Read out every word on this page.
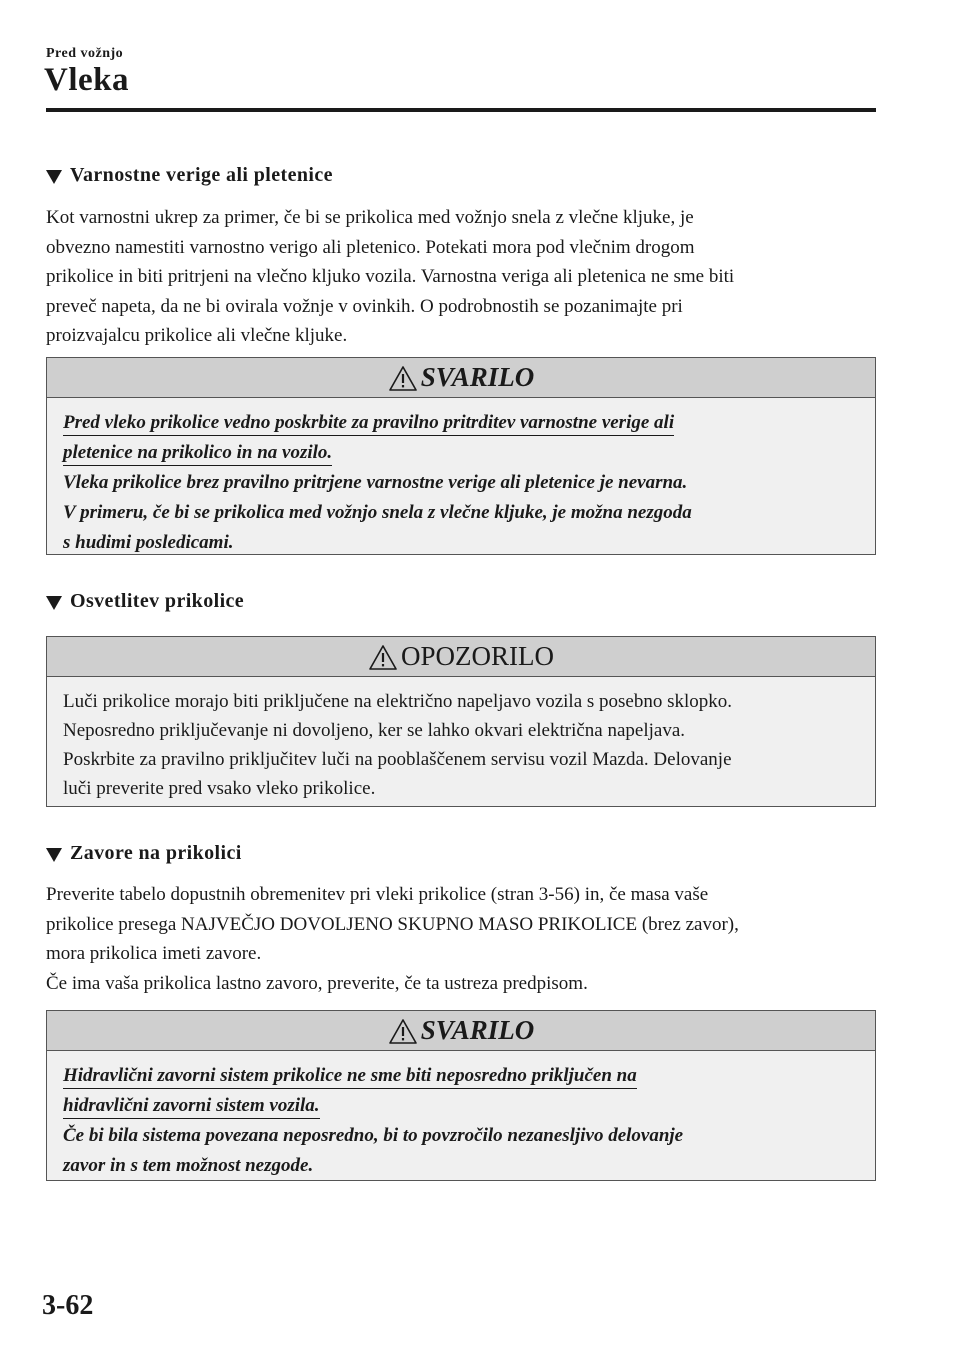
Pred vožnjo
Vleka
Varnostne verige ali pletenice
Kot varnostni ukrep za primer, če bi se prikolica med vožnjo snela z vlečne kljuke, je
obvezno namestiti varnostno verigo ali pletenico. Potekati mora pod vlečnim drogom
prikolice in biti pritrjeni na vlečno kljuko vozila. Varnostna veriga ali pletenica ne sme biti
preveč napeta, da ne bi ovirala vožnje v ovinkih. O podrobnostih se pozanimajte pri
proizvajalcu prikolice ali vlečne kljuke.
SVARILO
Pred vleko prikolice vedno poskrbite za pravilno pritrditev varnostne verige ali
pletenice na prikolico in na vozilo.
Vleka prikolice brez pravilno pritrjene varnostne verige ali pletenice je nevarna.
V primeru, če bi se prikolica med vožnjo snela z vlečne kljuke, je možna nezgoda
s hudimi posledicami.
Osvetlitev prikolice
OPOZORILO
Luči prikolice morajo biti priključene na električno napeljavo vozila s posebno sklopko.
Neposredno priključevanje ni dovoljeno, ker se lahko okvari električna napeljava.
Poskrbite za pravilno priključitev luči na pooblaščenem servisu vozil Mazda. Delovanje
luči preverite pred vsako vleko prikolice.
Zavore na prikolici
Preverite tabelo dopustnih obremenitev pri vleki prikolice (stran 3-56) in, če masa vaše
prikolice presega NAJVEČJO DOVOLJENO SKUPNO MASO PRIKOLICE (brez zavor),
mora prikolica imeti zavore.
Če ima vaša prikolica lastno zavoro, preverite, če ta ustreza predpisom.
SVARILO
Hidravlični zavorni sistem prikolice ne sme biti neposredno priključen na
hidravlični zavorni sistem vozila.
Če bi bila sistema povezana neposredno, bi to povzročilo nezanesljivo delovanje
zavor in s tem možnost nezgode.
3-62
